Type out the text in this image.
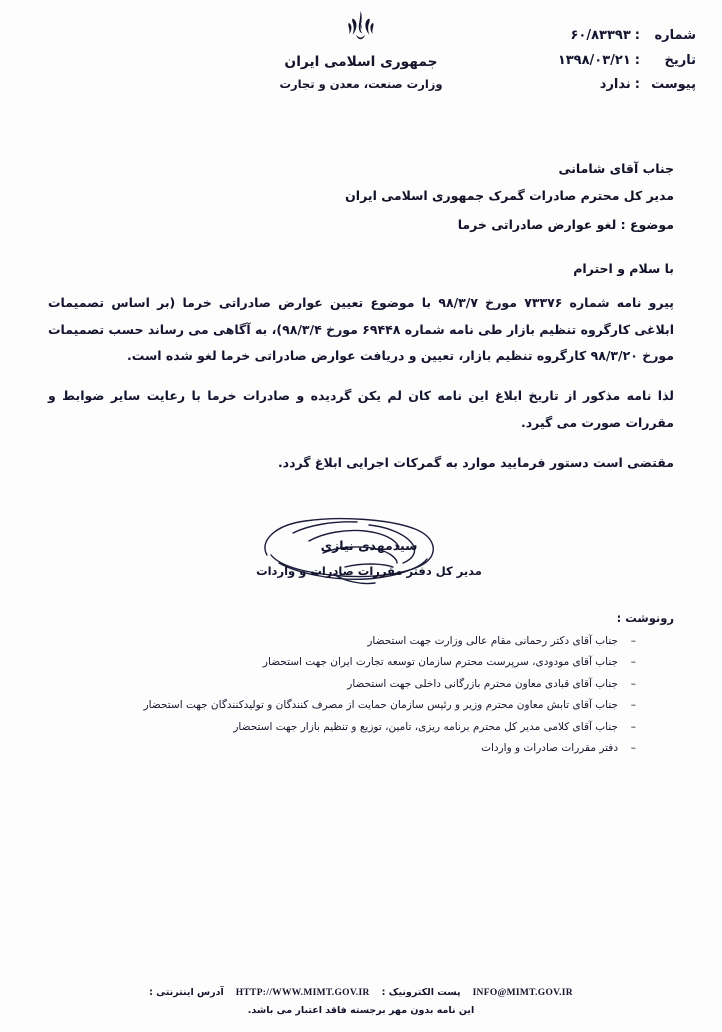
جمهوری اسلامی ایران
وزارت صنعت، معدن و تجارت
شماره
:
۶۰/۸۳۳۹۳
تاریخ
:
۱۳۹۸/۰۳/۲۱
پیوست
:
ندارد
جناب آقای شامانی
مدیر کل محترم صادرات گمرک جمهوری اسلامی ایران
موضوع : لغو عوارض صادراتی خرما
با سلام و احترام
پیرو نامه شماره ۷۳۳۷۶ مورخ ۹۸/۳/۷ با موضوع تعیین عوارض صادراتی خرما (بر اساس تصمیمات ابلاغی کارگروه تنظیم بازار طی نامه شماره ۶۹۴۴۸ مورخ ۹۸/۳/۴)، به آگاهی می رساند حسب تصمیمات مورخ ۹۸/۳/۲۰ کارگروه تنظیم بازار، تعیین و دریافت عوارض صادراتی خرما لغو شده است.
لذا نامه مذکور از تاریخ ابلاغ این نامه کان لم یکن گردیده و صادرات خرما با رعایت سایر ضوابط و مقررات صورت می گیرد.
مقتضی است دستور فرمایید موارد به گمرکات اجرایی ابلاغ گردد.
سیدمهدی نیازی
مدیر کل دفتر مقررات صادرات و واردات
رونوشت :
– جناب آقای دکتر رحمانی مقام عالی وزارت جهت استحضار
– جناب آقای مودودی، سرپرست محترم سازمان توسعه تجارت ایران جهت استحضار
– جناب آقای قبادی معاون محترم بازرگانی داخلی جهت استحضار
– جناب آقای تابش معاون محترم وزیر و رئیس سازمان حمایت از مصرف کنندگان و تولیدکنندگان جهت استحضار
– جناب آقای کلامی مدیر کل محترم برنامه ریزی، تامین، توزیع و تنظیم بازار جهت استحضار
– دفتر مقررات صادرات و واردات
INFO@MIMT.GOV.IR
پست الکترونیک :
HTTP://WWW.MIMT.GOV.IR
آدرس اینترنتی :
این نامه بدون مهر برجسته فاقد اعتبار می باشد.
